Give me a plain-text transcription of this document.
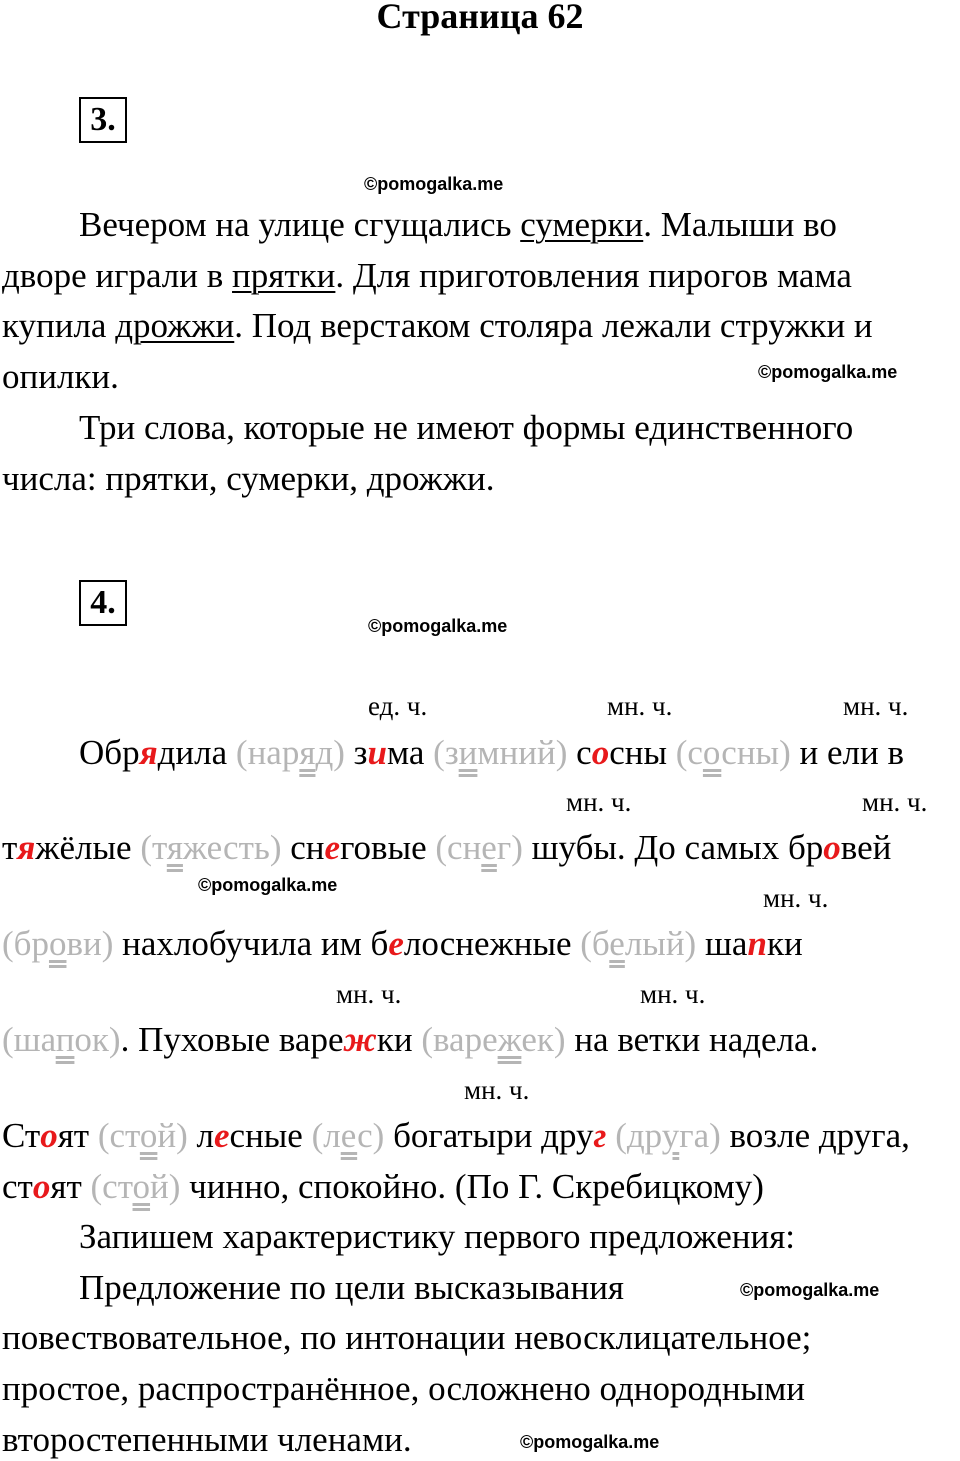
Страница 62
3.
©pomogalka.me
Вечером на улице сгущались сумерки. Малыши во
дворе играли в прятки. Для приготовления пирогов мама
купила дрожжи. Под верстаком столяра лежали стружки и
опилки.	©pomogalka.me
Три слова, которые не имеют формы единственного
числа: прятки, сумерки, дрожжи.
4.
©pomogalka.me
ед. ч.	мн. ч.	мн. ч.
Обрядила (наряд) зима (зимний) сосны (сосны) и ели в
мн. ч.	мн. ч.
тяжёлые (тяжесть) снеговые (снег) шубы. До самых бровей
©pomogalka.me	мн. ч.
(брови) нахлобучила им белоснежные (белый) шапки
мн. ч.	мн. ч.
(шапок). Пуховые варежки (варежек) на ветки надела.
мн. ч.
Стоят (стой) лесные (лес) богатыри друг (друга) возле друга,
стоят (стой) чинно, спокойно. (По Г. Скребицкому)
Запишем характеристику первого предложения:
Предложение по цели высказывания	©pomogalka.me
повествовательное, по интонации невосклицательное;
простое, распространённое, осложнено однородными
второстепенными членами.	©pomogalka.me
